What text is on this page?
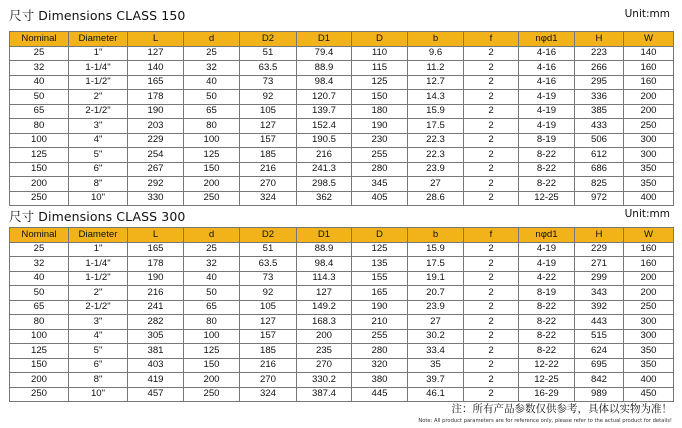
尺寸 Dimensions CLASS 150	Unit:mm
Nominal	Diameter	L	d	D2	D1	D	b	f	nφd1	H	W
25	1"	127	25	51	79.4	110	9.6	2	4-16	223	140
32	1-1/4"	140	32	63.5	88.9	115	11.2	2	4-16	266	160
40	1-1/2"	165	40	73	98.4	125	12.7	2	4-16	295	160
50	2"	178	50	92	120.7	150	14.3	2	4-19	336	200
65	2-1/2"	190	65	105	139.7	180	15.9	2	4-19	385	200
80	3"	203	80	127	152.4	190	17.5	2	4-19	433	250
100	4"	229	100	157	190.5	230	22.3	2	8-19	506	300
125	5"	254	125	185	216	255	22.3	2	8-22	612	300
150	6"	267	150	216	241.3	280	23.9	2	8-22	686	350
200	8"	292	200	270	298.5	345	27	2	8-22	825	350
250	10"	330	250	324	362	405	28.6	2	12-25	972	400
尺寸 Dimensions CLASS 300	Unit:mm
Nominal	Diameter	L	d	D2	D1	D	b	f	nφd1	H	W
25	1"	165	25	51	88.9	125	15.9	2	4-19	229	160
32	1-1/4"	178	32	63.5	98.4	135	17.5	2	4-19	271	160
40	1-1/2"	190	40	73	114.3	155	19.1	2	4-22	299	200
50	2"	216	50	92	127	165	20.7	2	8-19	343	200
65	2-1/2"	241	65	105	149.2	190	23.9	2	8-22	392	250
80	3"	282	80	127	168.3	210	27	2	8-22	443	300
100	4"	305	100	157	200	255	30.2	2	8-22	515	300
125	5"	381	125	185	235	280	33.4	2	8-22	624	350
150	6"	403	150	216	270	320	35	2	12-22	695	350
200	8"	419	200	270	330.2	380	39.7	2	12-25	842	400
250	10"	457	250	324	387.4	445	46.1	2	16-29	989	450
注：所有产品参数仅供参考，具体以实物为准！
Note: All product parameters are for reference only, please refer to the actual product for details!
